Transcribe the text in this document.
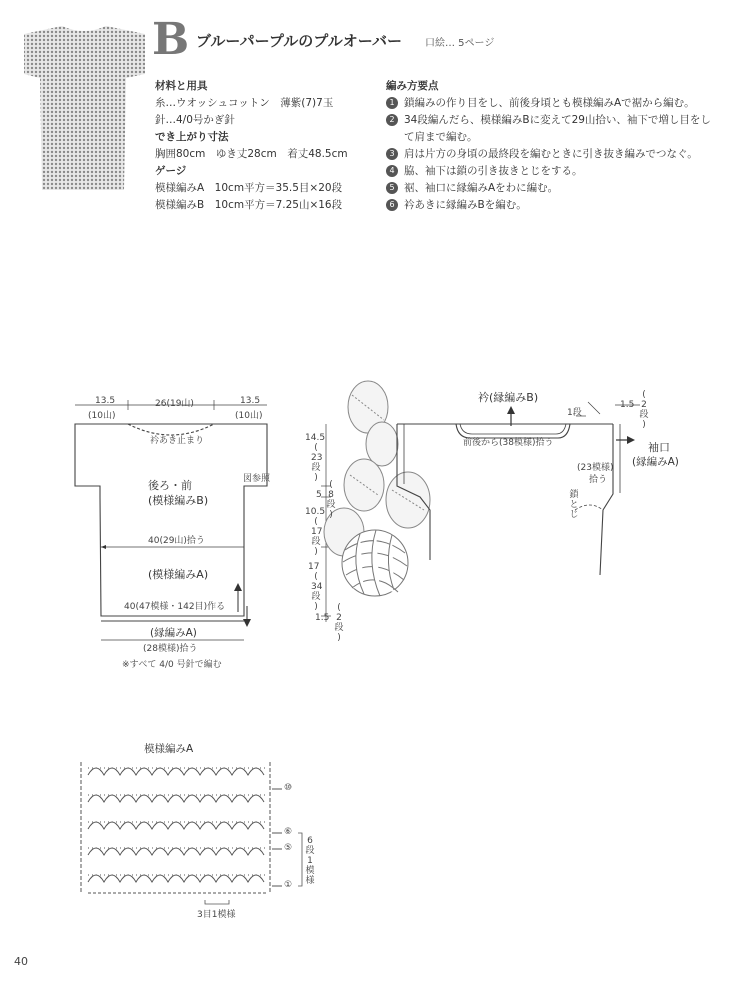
B ブルーパープルのプルオーバー 口絵… 5ページ
材料と用具
糸…ウオッシュコットン　薄紫(7)7玉
針…4/0号かぎ針
でき上がり寸法
胸囲80cm　ゆき丈28cm　着丈48.5cm
ゲージ
模様編みA　10cm平方＝35.5目×20段
模様編みB　10cm平方＝7.25山×16段
編み方要点
1 鎖編みの作り目をし、前後身頃とも模様編みAで裾から編む。
2 34段編んだら、模様編みBに変えて29山拾い、袖下で増し目をして肩まで編む。
3 肩は片方の身頃の最終段を編むときに引き抜き編みでつなぐ。
4 脇、袖下は鎖の引き抜きとじをする。
5 裾、袖口に縁編みAをわに編む。
6 衿あきに縁編みBを編む。
13.5
(10山)
26(19山)	13.5
(10山)
衿あき止まり
後ろ・前
(模様編みB)
図参照
40(29山)拾う
(模様編みA)
40(47模様・142目)作る
(縁編みA)
(28模様)拾う
※すべて 4/0 号針で編む
14.5
(
23
段
)
5
(
8
段
)
10.5
(
17
段
)
17
(
34
段
)
1.5
(
2
段
)
衿(縁編みB)
1段
前後から(38模様)拾う
1.5
(
2
段
)
袖口
(縁編みA)
(23模様)
拾う
鎖
と
じ
模様編みA
⑩
⑥
⑤
①
6
段
1
模
様
3目1模様
40
